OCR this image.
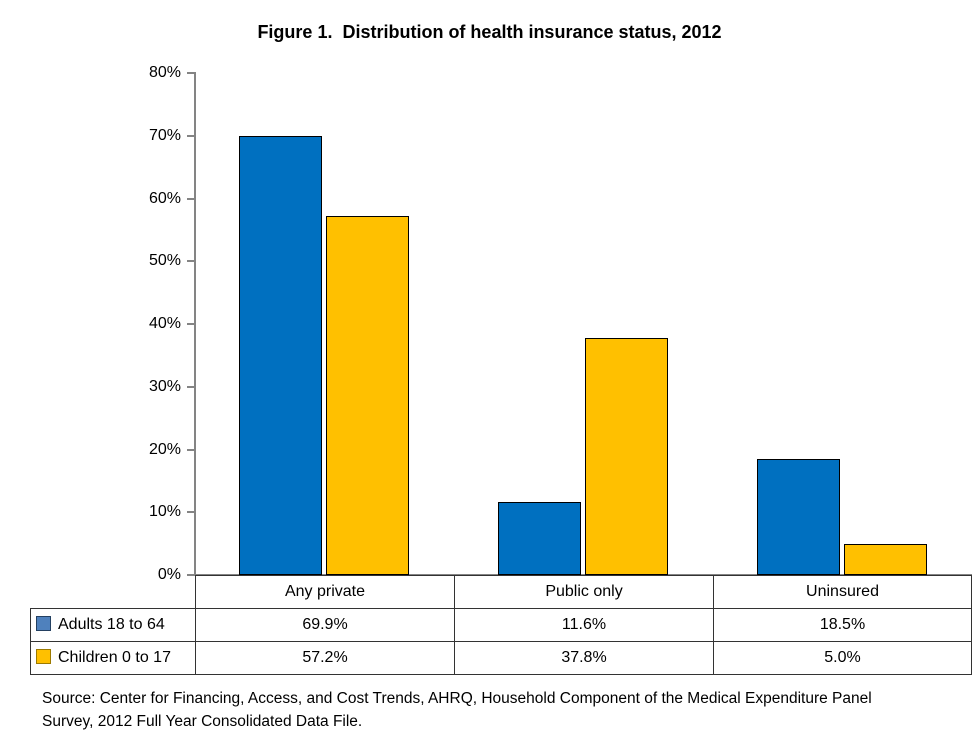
Figure 1.  Distribution of health insurance status, 2012
80%
70%
60%
50%
40%
30%
20%
10%
0%
	Any private	Public only	Uninsured
Adults 18 to 64	69.9%	11.6%	18.5%
Children 0 to 17	57.2%	37.8%	5.0%
Source: Center for Financing, Access, and Cost Trends, AHRQ, Household Component of the Medical Expenditure Panel
Survey, 2012 Full Year Consolidated Data File.
